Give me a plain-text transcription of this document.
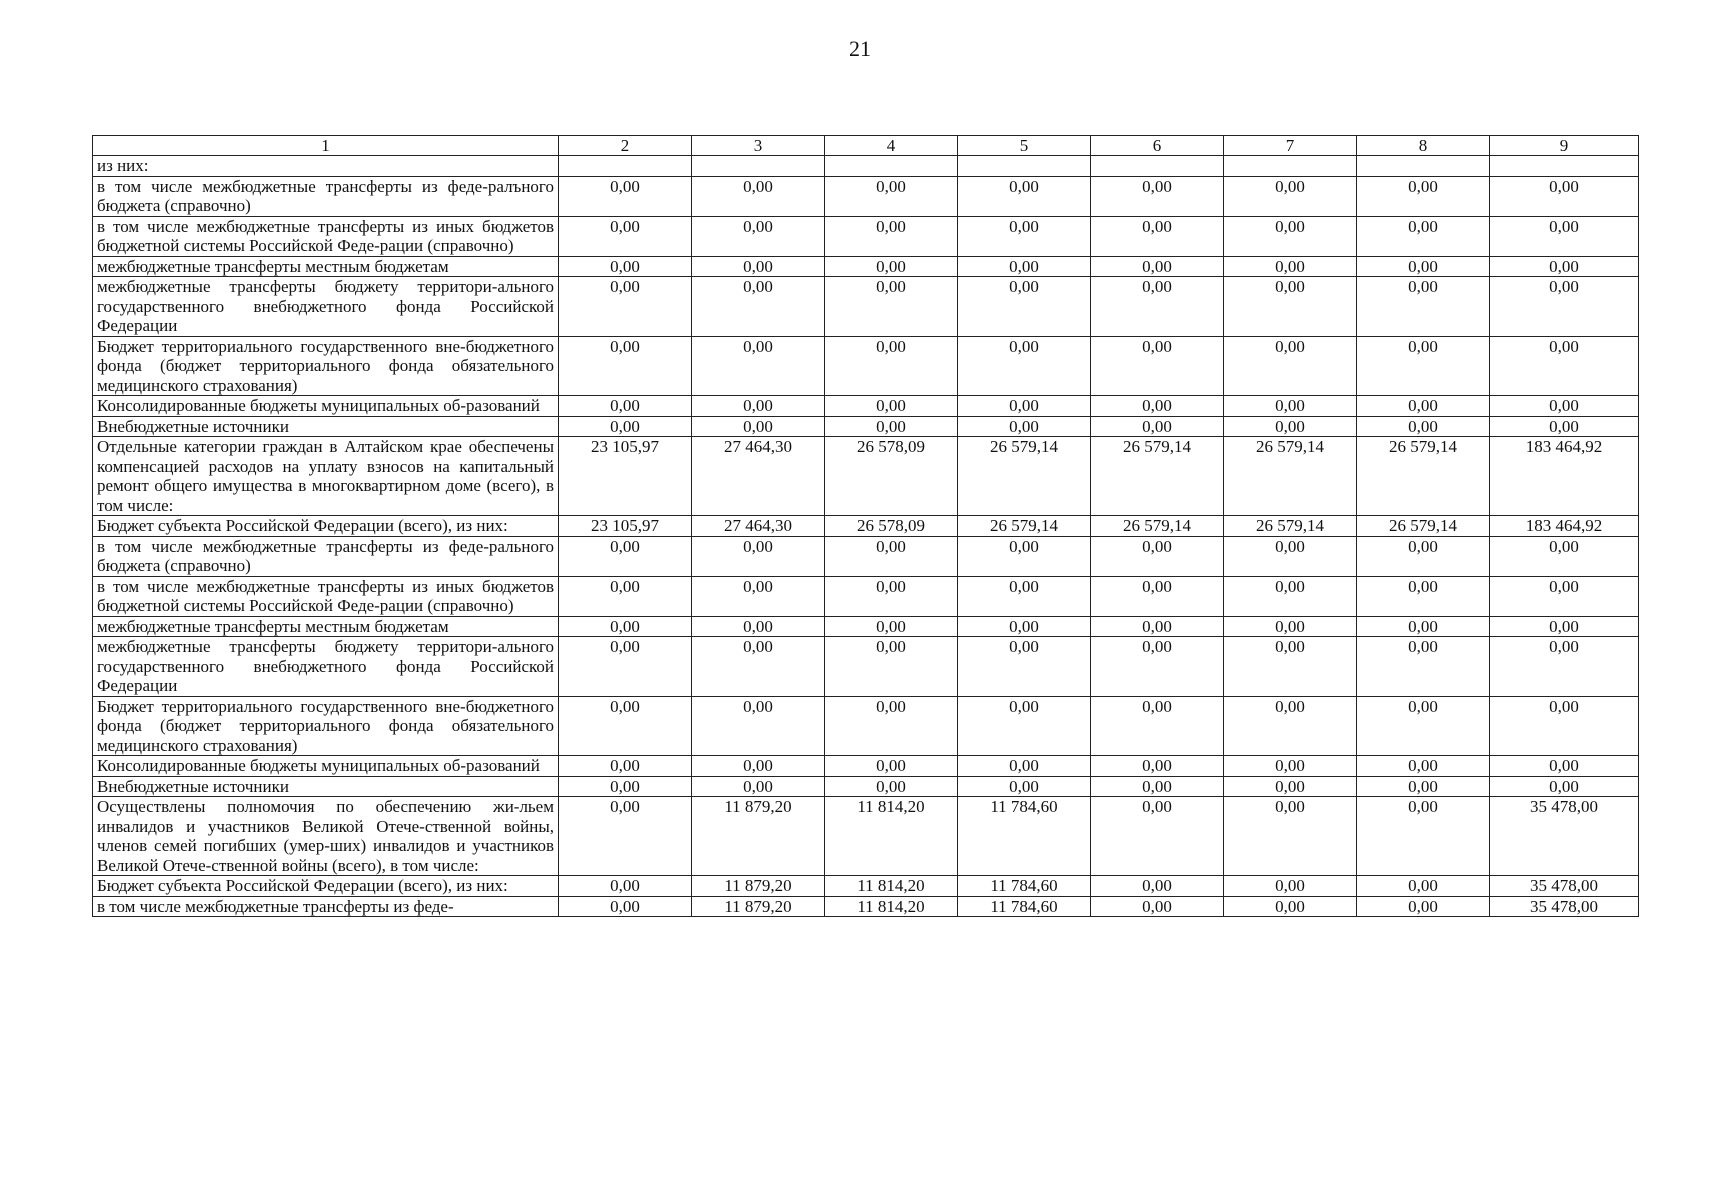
21
1	2	3	4	5	6	7	8	9
из них:								
в том числе межбюджетные трансферты из феде-ралъного бюджета (справочно)	0,00	0,00	0,00	0,00	0,00	0,00	0,00	0,00
в том числе межбюджетные трансферты из иных бюджетов бюджетной системы Российской Феде-рации (справочно)	0,00	0,00	0,00	0,00	0,00	0,00	0,00	0,00
межбюджетные трансферты местным бюджетам	0,00	0,00	0,00	0,00	0,00	0,00	0,00	0,00
межбюджетные трансферты бюджету территори-ального государственного внебюджетного фонда Российской Федерации	0,00	0,00	0,00	0,00	0,00	0,00	0,00	0,00
Бюджет территориального государственного вне-бюджетного фонда (бюджет территориального фонда обязательного медицинского страхования)	0,00	0,00	0,00	0,00	0,00	0,00	0,00	0,00
Консолидированные бюджеты муниципальных об-разований	0,00	0,00	0,00	0,00	0,00	0,00	0,00	0,00
Внебюджетные источники	0,00	0,00	0,00	0,00	0,00	0,00	0,00	0,00
Отдельные категории граждан в Алтайском крае обеспечены компенсацией расходов на уплату взносов на капитальный ремонт общего имущества в многоквартирном доме (всего), в том числе:	23 105,97	27 464,30	26 578,09	26 579,14	26 579,14	26 579,14	26 579,14	183 464,92
Бюджет субъекта Российской Федерации (всего), из них:	23 105,97	27 464,30	26 578,09	26 579,14	26 579,14	26 579,14	26 579,14	183 464,92
в том числе межбюджетные трансферты из феде-рального бюджета (справочно)	0,00	0,00	0,00	0,00	0,00	0,00	0,00	0,00
в том числе межбюджетные трансферты из иных бюджетов бюджетной системы Российской Феде-рации (справочно)	0,00	0,00	0,00	0,00	0,00	0,00	0,00	0,00
межбюджетные трансферты местным бюджетам	0,00	0,00	0,00	0,00	0,00	0,00	0,00	0,00
межбюджетные трансферты бюджету территори-ального государственного внебюджетного фонда Российской Федерации	0,00	0,00	0,00	0,00	0,00	0,00	0,00	0,00
Бюджет территориального государственного вне-бюджетного фонда (бюджет территориального фонда обязательного медицинского страхования)	0,00	0,00	0,00	0,00	0,00	0,00	0,00	0,00
Консолидированные бюджеты муниципальных об-разований	0,00	0,00	0,00	0,00	0,00	0,00	0,00	0,00
Внебюджетные источники	0,00	0,00	0,00	0,00	0,00	0,00	0,00	0,00
Осуществлены полномочия по обеспечению жи-льем инвалидов и участников Великой Отече-ственной войны, членов семей погибших (умер-ших) инвалидов и участников Великой Отече-ственной войны (всего), в том числе:	0,00	11 879,20	11 814,20	11 784,60	0,00	0,00	0,00	35 478,00
Бюджет субъекта Российской Федерации (всего), из них:	0,00	11 879,20	11 814,20	11 784,60	0,00	0,00	0,00	35 478,00
в том числе межбюджетные трансферты из феде-	0,00	11 879,20	11 814,20	11 784,60	0,00	0,00	0,00	35 478,00
